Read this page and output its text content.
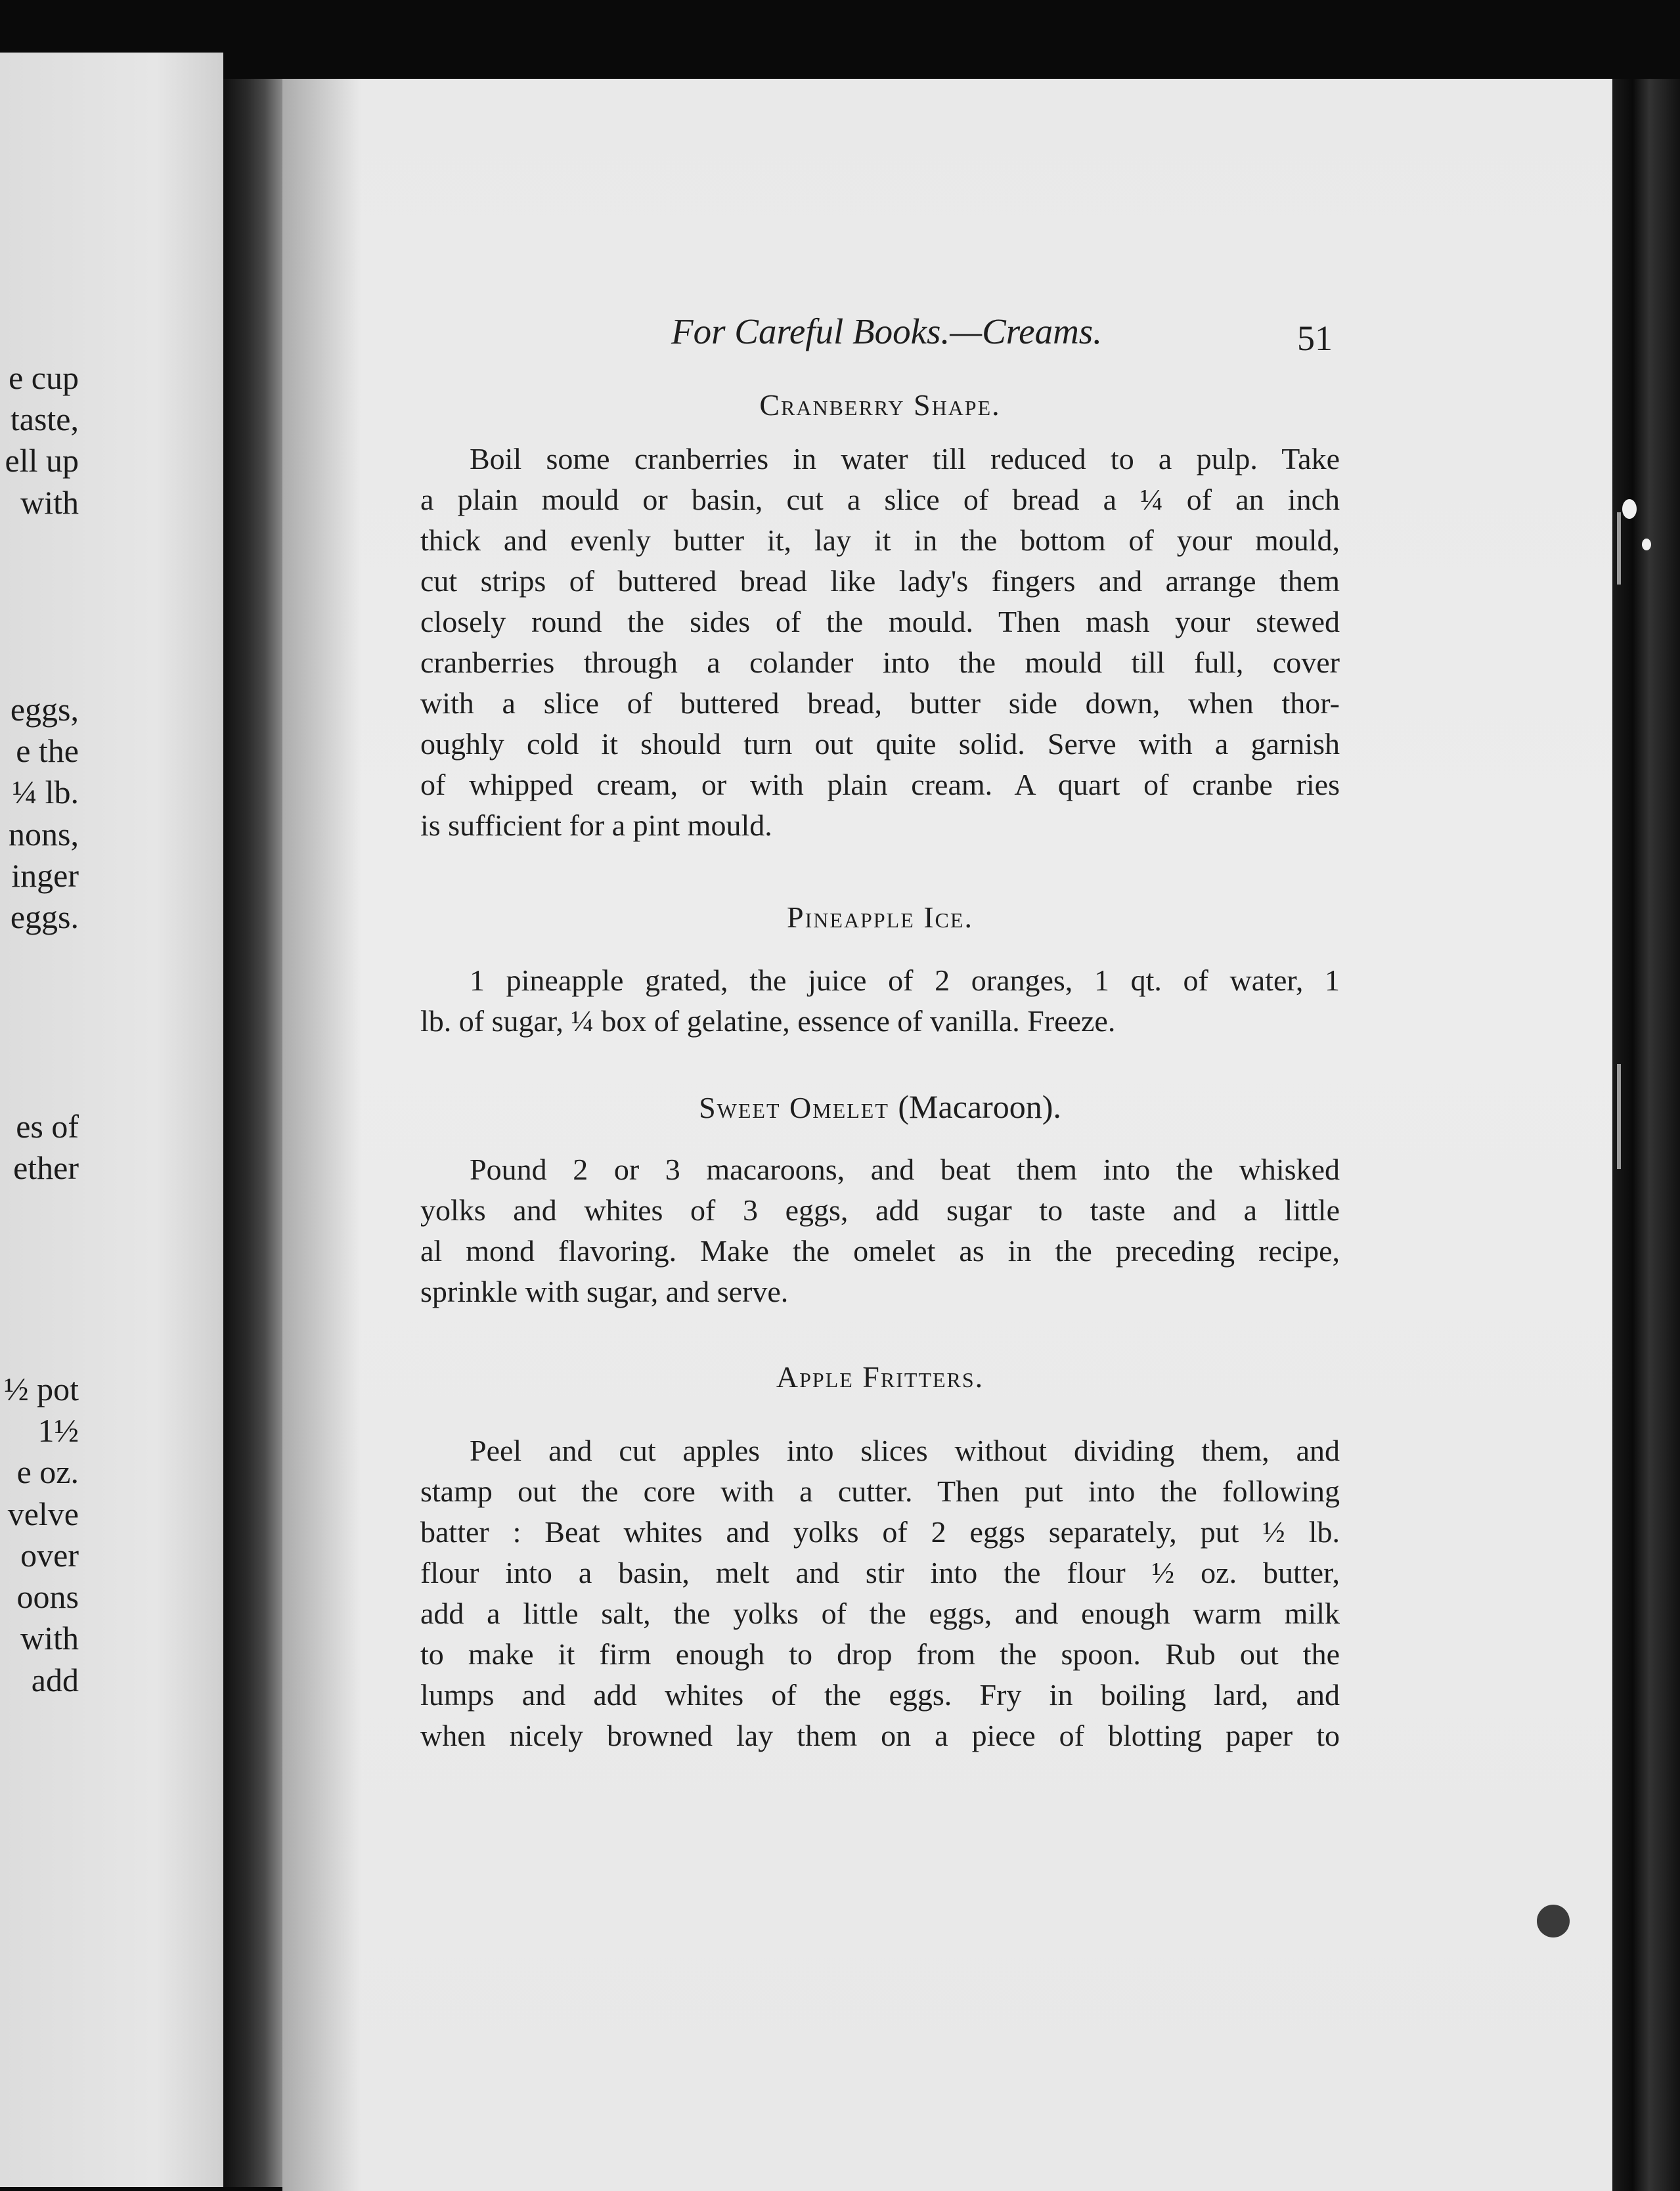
e cup
taste,
ell up
with
eggs,
e the
¼ lb.
nons,
inger
eggs.
es of
ether
½ pot
1½
e oz.
velve
over
oons
with
add
For Careful Books.—Creams.	51
Cranberry Shape.
Boil some cranberries in water till reduced to a pulp. Take
a plain mould or basin, cut a slice of bread a ¼ of an inch
thick and evenly butter it, lay it in the bottom of your mould,
cut strips of buttered bread like lady's fingers and arrange them
closely round the sides of the mould. Then mash your stewed
cranberries through a colander into the mould till full, cover
with a slice of buttered bread, butter side down, when thor-
oughly cold it should turn out quite solid. Serve with a garnish
of whipped cream, or with plain cream. A quart of cranbe ries
is sufficient for a pint mould.
Pineapple Ice.
1 pineapple grated, the juice of 2 oranges, 1 qt. of water, 1
lb. of sugar, ¼ box of gelatine, essence of vanilla. Freeze.
Sweet Omelet (Macaroon).
Pound 2 or 3 macaroons, and beat them into the whisked
yolks and whites of 3 eggs, add sugar to taste and a little
al mond flavoring. Make the omelet as in the preceding recipe,
sprinkle with sugar, and serve.
Apple Fritters.
Peel and cut apples into slices without dividing them, and
stamp out the core with a cutter. Then put into the following
batter : Beat whites and yolks of 2 eggs separately, put ½ lb.
flour into a basin, melt and stir into the flour ½ oz. butter,
add a little salt, the yolks of the eggs, and enough warm milk
to make it firm enough to drop from the spoon. Rub out the
lumps and add whites of the eggs. Fry in boiling lard, and
when nicely browned lay them on a piece of blotting paper to
